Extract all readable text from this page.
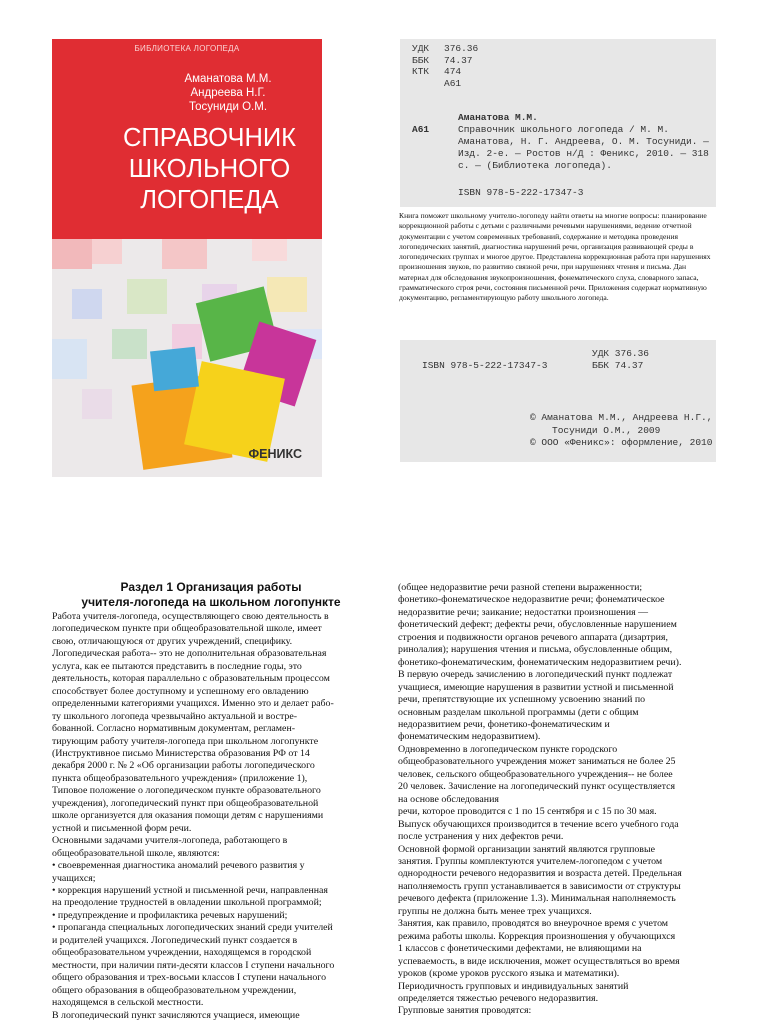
БИБЛИОТЕКА ЛОГОПЕДА
Аманатова М.М.
Андреева Н.Г.
Тосуниди О.М.
СПРАВОЧНИК
ШКОЛЬНОГО
ЛОГОПЕДА
ФЕНИКС
УДК 376.36
ББК 74.37
КТК 474
А61
Аманатова М.М.
А61	Справочник школьного логопеда / М. М. Аманатова, Н. Г. Андреева, О. М. Тосуниди. — Изд. 2-е. — Ростов н/Д : Феникс, 2010. — 318 с. — (Библиотека логопеда).
ISBN 978-5-222-17347-3
Книга поможет школьному учителю-логопеду найти ответы на многие вопросы: планирование коррекционной работы с детьми с различными речевыми нарушениями, ведение отчетной документации с учетом современных требований, содержание и методика проведения логопедических занятий, диагностика нарушений речи, организация развивающей среды в логопедических группах и многое другое. Представлена коррекционная работа при нарушениях произношения звуков, по развитию связной речи, при нарушениях чтения и письма. Дан материал для обследования звукопроизношения, фонематического слуха, словарного запаса, грамматического строя речи, состояния письменной речи. Приложения содержат нормативную документацию, регламентирующую работу школьного логопеда.
ISBN 978-5-222-17347-3
УДК 376.36
ББК 74.37
© Аманатова М.М., Андреева Н.Г.,
Тосуниди О.М., 2009
© ООО «Феникс»: оформление, 2010
Раздел 1 Организация работы
учителя-логопеда на школьном логопункте
Работа учителя-логопеда, осуществляющего свою деятельность в
логопедическом пункте при общеобразовательной школе, имеет
свою, отличающуюся от других учреждений, специфику.
Логопедическая работа-- это не дополнительная образовательная
услуга, как ее пытаются представить в последние годы, это
деятельность, которая параллельно с образовательным процессом
способствует более доступному и успешному его овладению
определенными категориями учащихся. Именно это и делает рабо-
ту школьного логопеда чрезвычайно актуальной и востре-
бованной. Согласно нормативным документам, регламен-
тирующим работу учителя-логопеда при школьном логопункте
(Инструктивное письмо Министерства образования РФ от 14
декабря 2000 г. № 2 «Об организации работы логопедического
пункта общеобразовательного учреждения» (приложение 1),
Типовое положение о логопедическом пункте образовательного
учреждения), логопедический пункт при общеобразовательной
школе организуется для оказания помощи детям с нарушениями
устной и письменной форм речи.
Основными задачами учителя-логопеда, работающего в
общеобразовательной школе, являются:
• своевременная диагностика аномалий речевого развития у
учащихся;
• коррекция нарушений устной и письменной речи, направленная
на преодоление трудностей в овладении школьной программой;
• предупреждение и профилактика речевых нарушений;
• пропаганда специальных логопедических знаний среди учителей
и родителей учащихся. Логопедический пункт создается в
общеобразовательном учреждении, находящемся в городской
местности, при наличии пяти-десяти классов I ступени начального
общего образования и трех-восьми классов I ступени начального
общего образования в общеобразовательном учреждении,
находящемся в сельской местности.
В логопедический пункт зачисляются учащиеся, имеющие
(общее недоразвитие речи разной степени выраженности;
фонетико-фонематическое недоразвитие речи; фонематическое
недоразвитие речи; заикание; недостатки произношения —
фонетический дефект; дефекты речи, обусловленные нарушением
строения и подвижности органов речевого аппарата (дизартрия,
ринолалия); нарушения чтения и письма, обусловленные общим,
фонетико-фонематическим, фонематическим недоразвитием речи).
В первую очередь зачислению в логопедический пункт подлежат
учащиеся, имеющие нарушения в развитии устной и письменной
речи, препятствующие их успешному усвоению знаний по
основным разделам школьной программы (дети с общим
недоразвитием речи, фонетико-фонематическим и
фонематическим недоразвитием).
Одновременно в логопедическом пункте городского
общеобразовательного учреждения может заниматься не более 25
человек, сельского общеобразовательного учреждения-- не более
20 человек. Зачисление на логопедический пункт осуществляется
на основе обследования
речи, которое проводится с 1 по 15 сентября и с 15 по 30 мая.
Выпуск обучающихся производится в течение всего учебного года
после устранения у них дефектов речи.
Основной формой организации занятий являются групповые
занятия. Группы комплектуются учителем-логопедом с учетом
однородности речевого недоразвития и возраста детей. Предельная
наполняемость групп устанавливается в зависимости от структуры
речевого дефекта (приложение 1.3). Минимальная наполняемость
группы не должна быть менее трех учащихся.
Занятия, как правило, проводятся во внеурочное время с учетом
режима работы школы. Коррекция произношения у обучающихся
1 классов с фонетическими дефектами, не влияющими на
успеваемость, в виде исключения, может осуществляться во время
уроков (кроме уроков русского языка и математики).
Периодичность групповых и индивидуальных занятий
определяется тяжестью речевого недоразвития.
Групповые занятия проводятся:
